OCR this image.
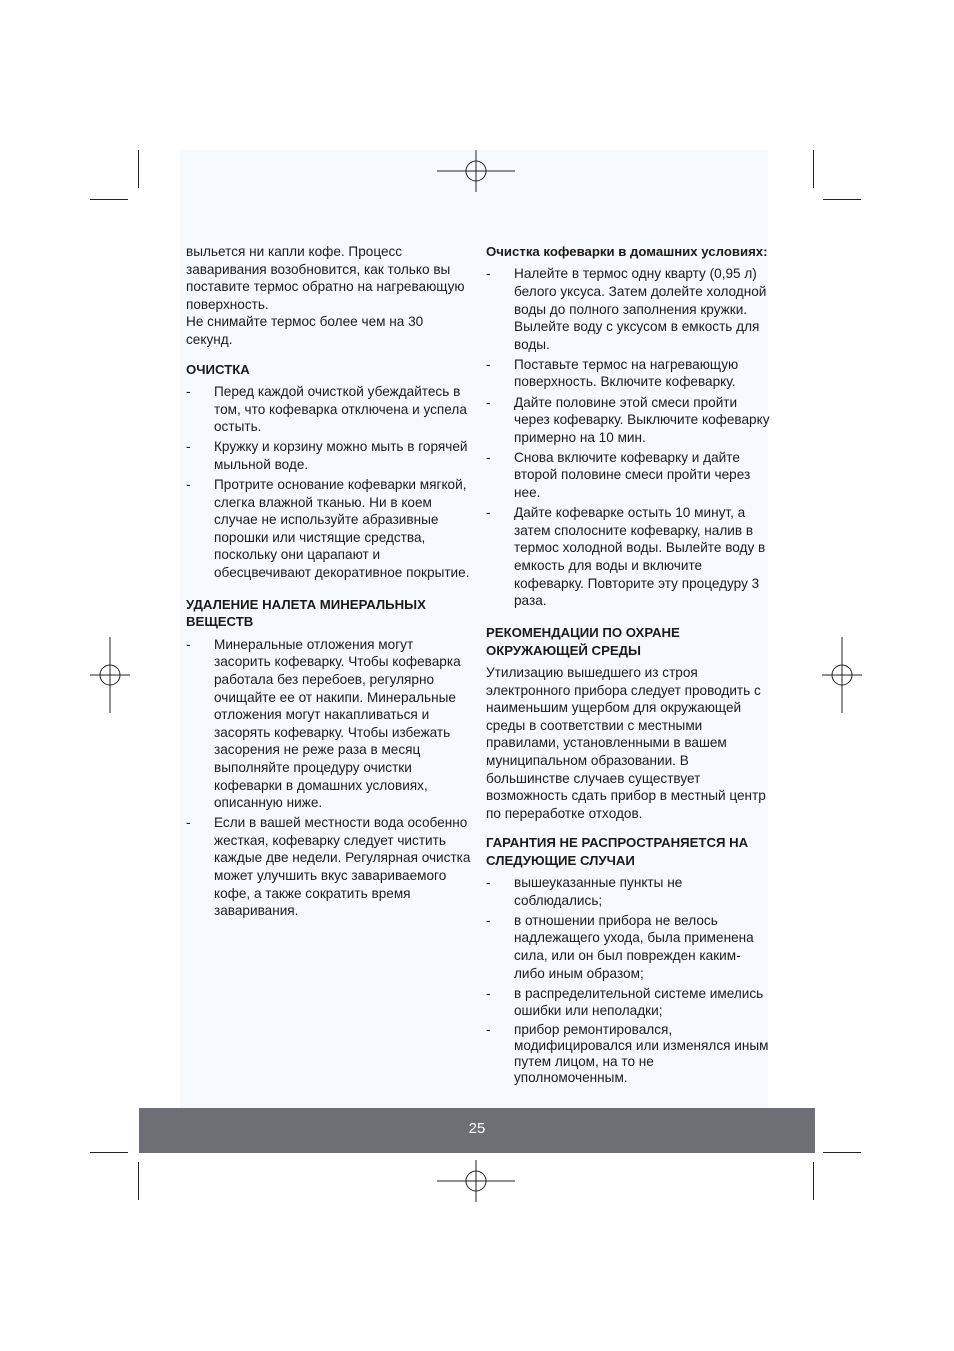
выльется ни капли кофе. Процесс заваривания возобновится, как только вы поставите термос обратно на нагревающую поверхность.

Не снимайте термос более чем на 30 секунд.

ОЧИСТКА
- Перед каждой очисткой убеждайтесь в том, что кофеварка отключена и успела остыть.
- Кружку и корзину можно мыть в горячей мыльной воде.
- Протрите основание кофеварки мягкой, слегка влажной тканью. Ни в коем случае не используйте абразивные порошки или чистящие средства, поскольку они царапают и обесцвечивают декоративное покрытие.
УДАЛЕНИЕ НАЛЕТА МИНЕРАЛЬНЫХ ВЕЩЕСТВ
- Минеральные отложения могут засорить кофеварку. Чтобы кофеварка работала без перебоев, регулярно очищайте ее от накипи. Минеральные отложения могут накапливаться и засорять кофеварку. Чтобы избежать засорения не реже раза в месяц выполняйте процедуру очистки кофеварки в домашних условиях, описанную ниже.
- Если в вашей местности вода особенно жесткая, кофеварку следует чистить каждые две недели. Регулярная очистка может улучшить вкус завариваемого кофе, а также сократить время заваривания.
Очистка кофеварки в домашних условиях:
- Налейте в термос одну кварту (0,95 л) белого уксуса. Затем долейте холодной воды до полного заполнения кружки. Вылейте воду с уксусом в емкость для воды.
- Поставьте термос на нагревающую поверхность. Включите кофеварку.
- Дайте половине этой смеси пройти через кофеварку. Выключите кофеварку примерно на 10 мин.
- Снова включите кофеварку и дайте второй половине смеси пройти через нее.
- Дайте кофеварке остыть 10 минут, а затем сполосните кофеварку, налив в термос холодной воды. Вылейте воду в емкость для воды и включите кофеварку. Повторите эту процедуру 3 раза.
РЕКОМЕНДАЦИИ ПО ОХРАНЕ ОКРУЖАЮЩЕЙ СРЕДЫ

Утилизацию вышедшего из строя электронного прибора следует проводить с наименьшим ущербом для окружающей среды в соответствии с местными правилами, установленными в вашем муниципальном образовании. В большинстве случаев существует возможность сдать прибор в местный центр по переработке отходов.

ГАРАНТИЯ НЕ РАСПРОСТРАНЯЕТСЯ НА СЛЕДУЮЩИЕ СЛУЧАИ
- вышеуказанные пункты не соблюдались;
- в отношении прибора не велось надлежащего ухода, была применена сила, или он был поврежден каким-либо иным образом;
- в распределительной системе имелись ошибки или неполадки;
- прибор ремонтировался, модифицировался или изменялся иным путем лицом, на то не уполномоченным.
25
